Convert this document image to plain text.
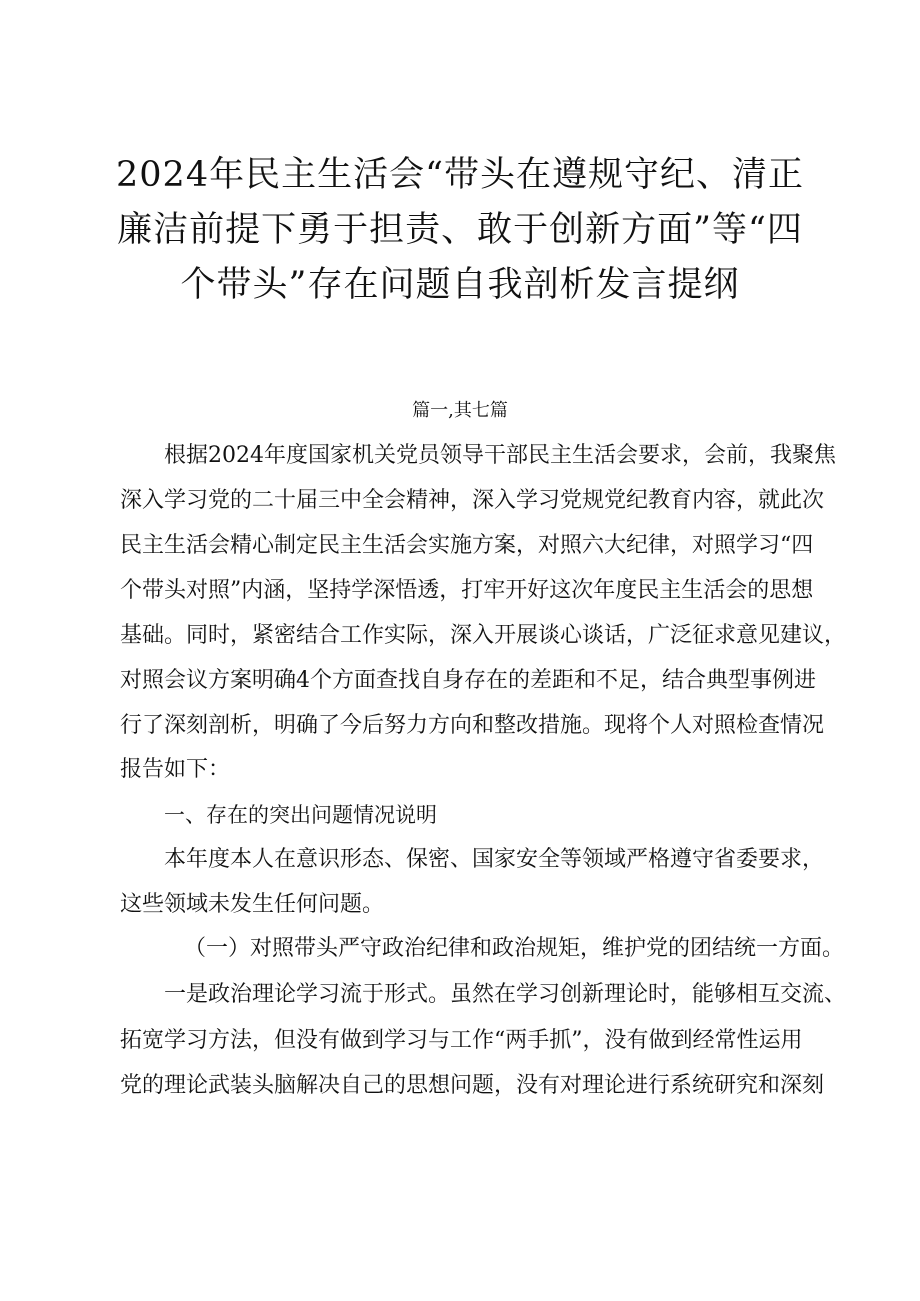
2024年民主生活会“带头在遵规守纪、清正
廉洁前提下勇于担责、敢于创新方面”等“四
个带头”存在问题自我剖析发言提纲

篇一,其七篇

根据2024年度国家机关党员领导干部民主生活会要求，会前，我聚焦

深入学习党的二十届三中全会精神，深入学习党规党纪教育内容，就此次

民主生活会精心制定民主生活会实施方案，对照六大纪律，对照学习“四

个带头对照”内涵，坚持学深悟透，打牢开好这次年度民主生活会的思想

基础。同时，紧密结合工作实际，深入开展谈心谈话，广泛征求意见建议，

对照会议方案明确4个方面查找自身存在的差距和不足，结合典型事例进

行了深刻剖析，明确了今后努力方向和整改措施。现将个人对照检查情况

报告如下：

一、存在的突出问题情况说明

本年度本人在意识形态、保密、国家安全等领域严格遵守省委要求，

这些领域未发生任何问题。

（一）对照带头严守政治纪律和政治规矩，维护党的团结统一方面。

一是政治理论学习流于形式。虽然在学习创新理论时，能够相互交流、

拓宽学习方法，但没有做到学习与工作“两手抓”，没有做到经常性运用

党的理论武装头脑解决自己的思想问题，没有对理论进行系统研究和深刻
